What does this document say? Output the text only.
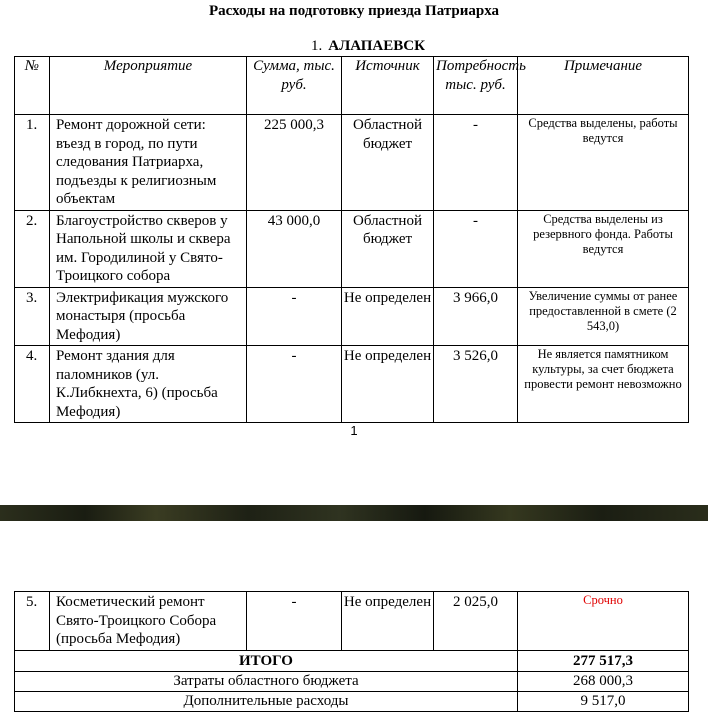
Расходы на подготовку приезда Патриарха
1. АЛАПАЕВСК
№	Мероприятие	Сумма, тыс. руб.	Источник	Потребность тыс. руб.	Примечание
1.	Ремонт дорожной сети: въезд в город, по пути следования Патриарха, подъезды к религиозным объектам	225 000,3	Областной бюджет	-	Средства выделены, работы ведутся
2.	Благоустройство скверов у Напольной школы и сквера им. Городилиной у Свято-Троицкого собора	43 000,0	Областной бюджет	-	Средства выделены из резервного фонда. Работы ведутся
3.	Электрификация мужского монастыря (просьба Мефодия)	-	Не определен	3 966,0	Увеличение суммы от ранее предоставленной в смете (2 543,0)
4.	Ремонт здания для паломников (ул. К.Либкнехта, 6) (просьба Мефодия)	-	Не определен	3 526,0	Не является памятником культуры, за счет бюджета провести ремонт невозможно
1
5.	Косметический ремонт Свято-Троицкого Собора (просьба Мефодия)	-	Не определен	2 025,0	Срочно
ИТОГО					277 517,3
Затраты областного бюджета					268 000,3
Дополнительные расходы					9 517,0
